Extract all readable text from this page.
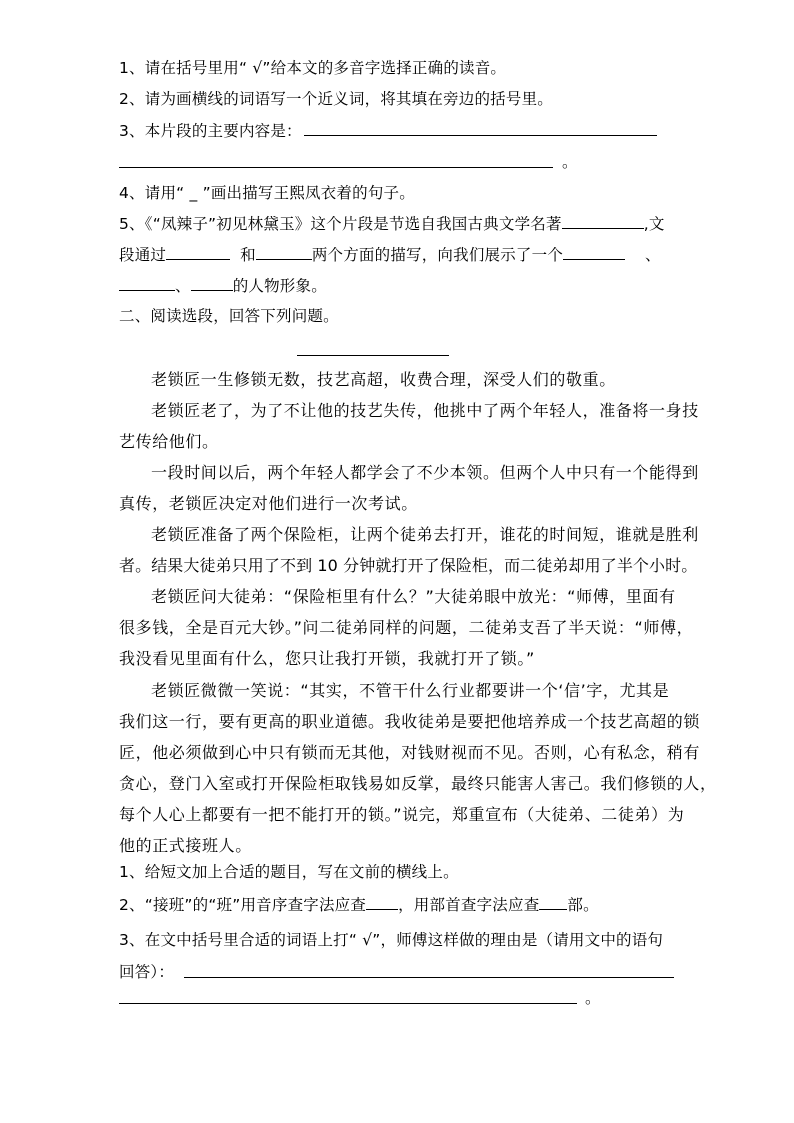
1、请在括号里用“ √”给本文的多音字选择正确的读音。
2、请为画横线的词语写一个近义词，将其填在旁边的括号里。
3、本片段的主要内容是：
。
4、请用“ _ ”画出描写王熙凤衣着的句子。
5、《“凤辣子”初见林黛玉》这个片段是节选自我国古典文学名著	,文
段通过	和	两个方面的描写，向我们展示了一个	、
、	的人物形象。
二、阅读选段，回答下列问题。
老锁匠一生修锁无数，技艺高超，收费合理，深受人们的敬重。
老锁匠老了，为了不让他的技艺失传，他挑中了两个年轻人，准备将一身技
艺传给他们。
一段时间以后，两个年轻人都学会了不少本领。但两个人中只有一个能得到
真传，老锁匠决定对他们进行一次考试。
老锁匠准备了两个保险柜，让两个徒弟去打开，谁花的时间短，谁就是胜利
者。结果大徒弟只用了不到 10 分钟就打开了保险柜，而二徒弟却用了半个小时。
老锁匠问大徒弟：“保险柜里有什么？”大徒弟眼中放光：“师傅，里面有
很多钱，全是百元大钞。”问二徒弟同样的问题，二徒弟支吾了半天说：“师傅，
我没看见里面有什么，您只让我打开锁，我就打开了锁。”
老锁匠微微一笑说：“其实，不管干什么行业都要讲一个‘信’字，尤其是
我们这一行，要有更高的职业道德。我收徒弟是要把他培养成一个技艺高超的锁
匠，他必须做到心中只有锁而无其他，对钱财视而不见。否则，心有私念，稍有
贪心，登门入室或打开保险柜取钱易如反掌，最终只能害人害己。我们修锁的人，
每个人心上都要有一把不能打开的锁。”说完，郑重宣布（大徒弟、二徒弟）为
他的正式接班人。
1、给短文加上合适的题目，写在文前的横线上。
2、“接班”的“班”用音序查字法应查 ，用部首查字法应查 部。
3、在文中括号里合适的词语上打“ √”，师傅这样做的理由是（请用文中的语句
回答）：
。
